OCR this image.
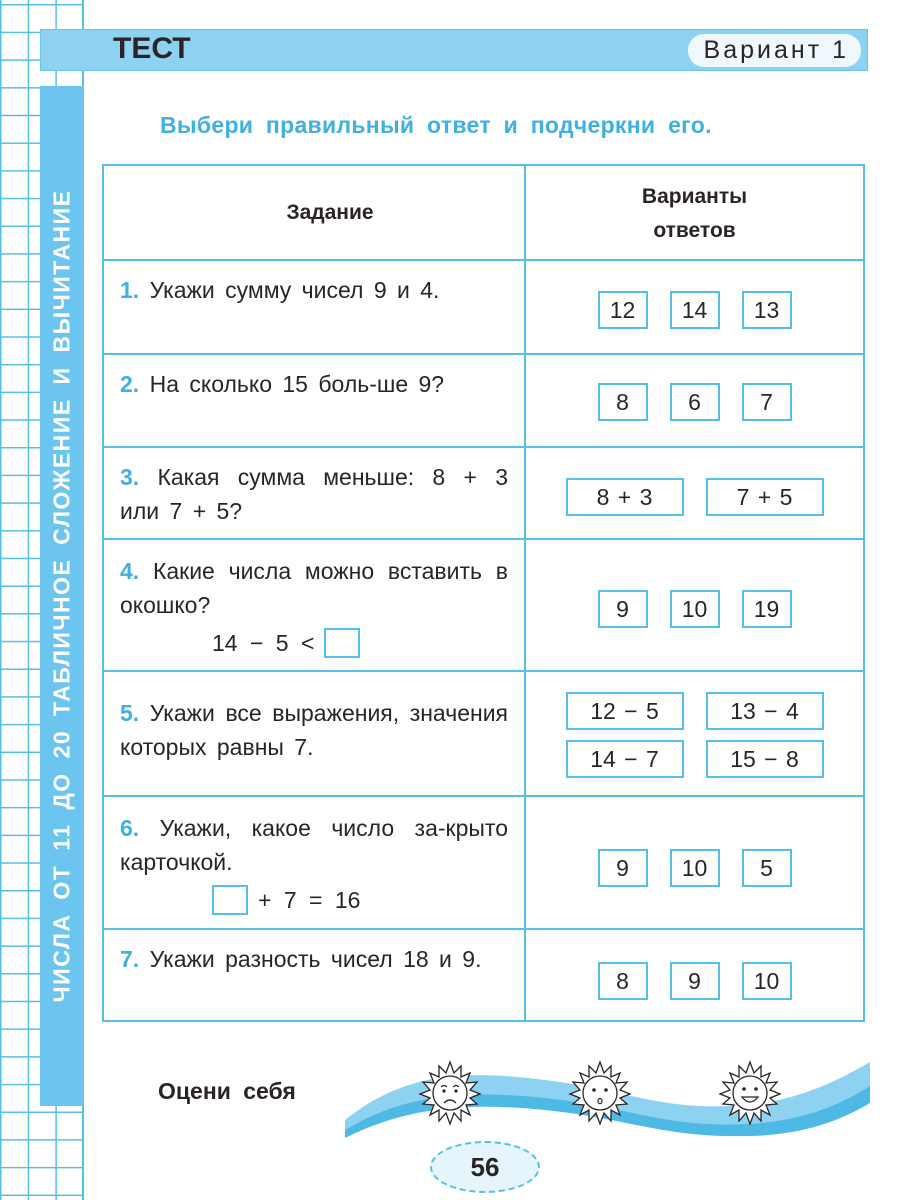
ТЕСТ	Вариант 1
ЧИСЛА ОТ 11 ДО 20 ТАБЛИЧНОЕ СЛОЖЕНИЕ И ВЫЧИТАНИЕ
Выбери правильный ответ и подчеркни его.
Задание
Варианты
ответов
1. Укажи сумму чисел 9 и 4.
12	14	13
2. На сколько 15 боль-ше 9?
8	6	7
3. Какая сумма меньше: 8 + 3 или 7 + 5?
8 + 3	7 + 5
4. Какие числа можно вставить в окошко?
14 − 5 <
9	10	19
5. Укажи все выражения, значения которых равны 7.
12 − 5	13 − 4
14 − 7	15 − 8
6. Укажи, какое число за-крыто карточкой.
+ 7 = 16
9	10	5
7. Укажи разность чисел 18 и 9.
8	9	10
Оцени себя
56
